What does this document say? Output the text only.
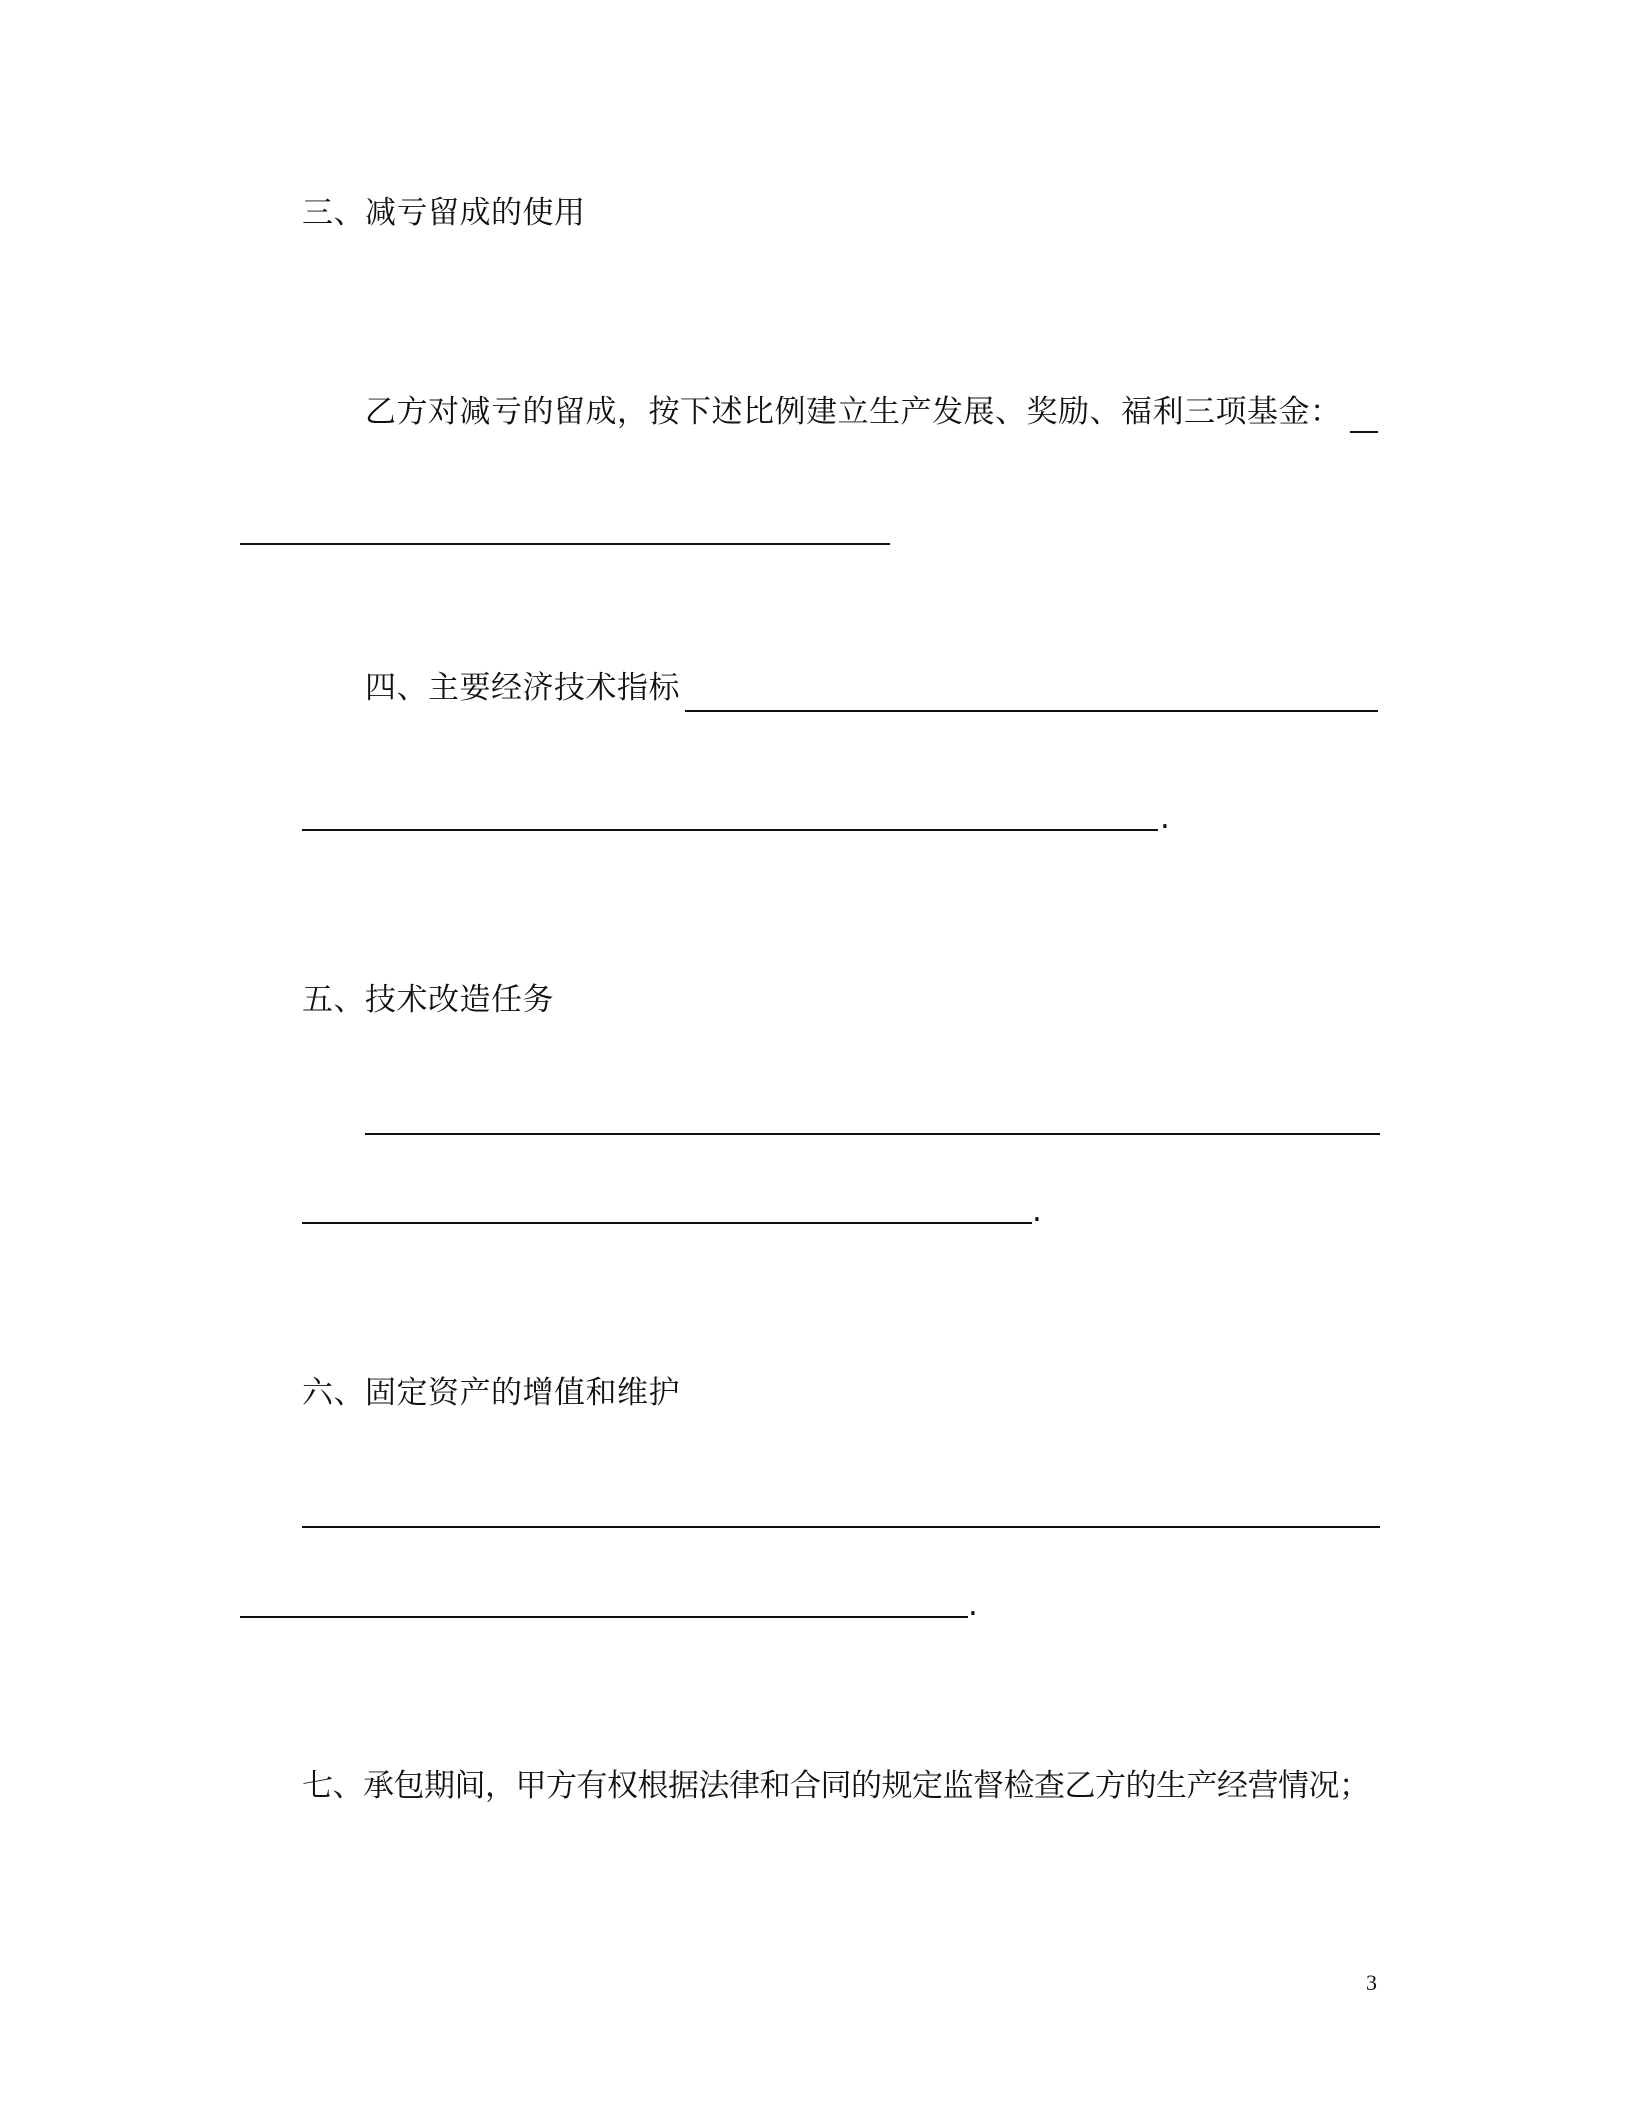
三、减亏留成的使用
乙方对减亏的留成，按下述比例建立生产发展、奖励、福利三项基金：
四、主要经济技术指标
.
五、技术改造任务
.
六、固定资产的增值和维护
.
七、承包期间，甲方有权根据法律和合同的规定监督检查乙方的生产经营情况；
3
